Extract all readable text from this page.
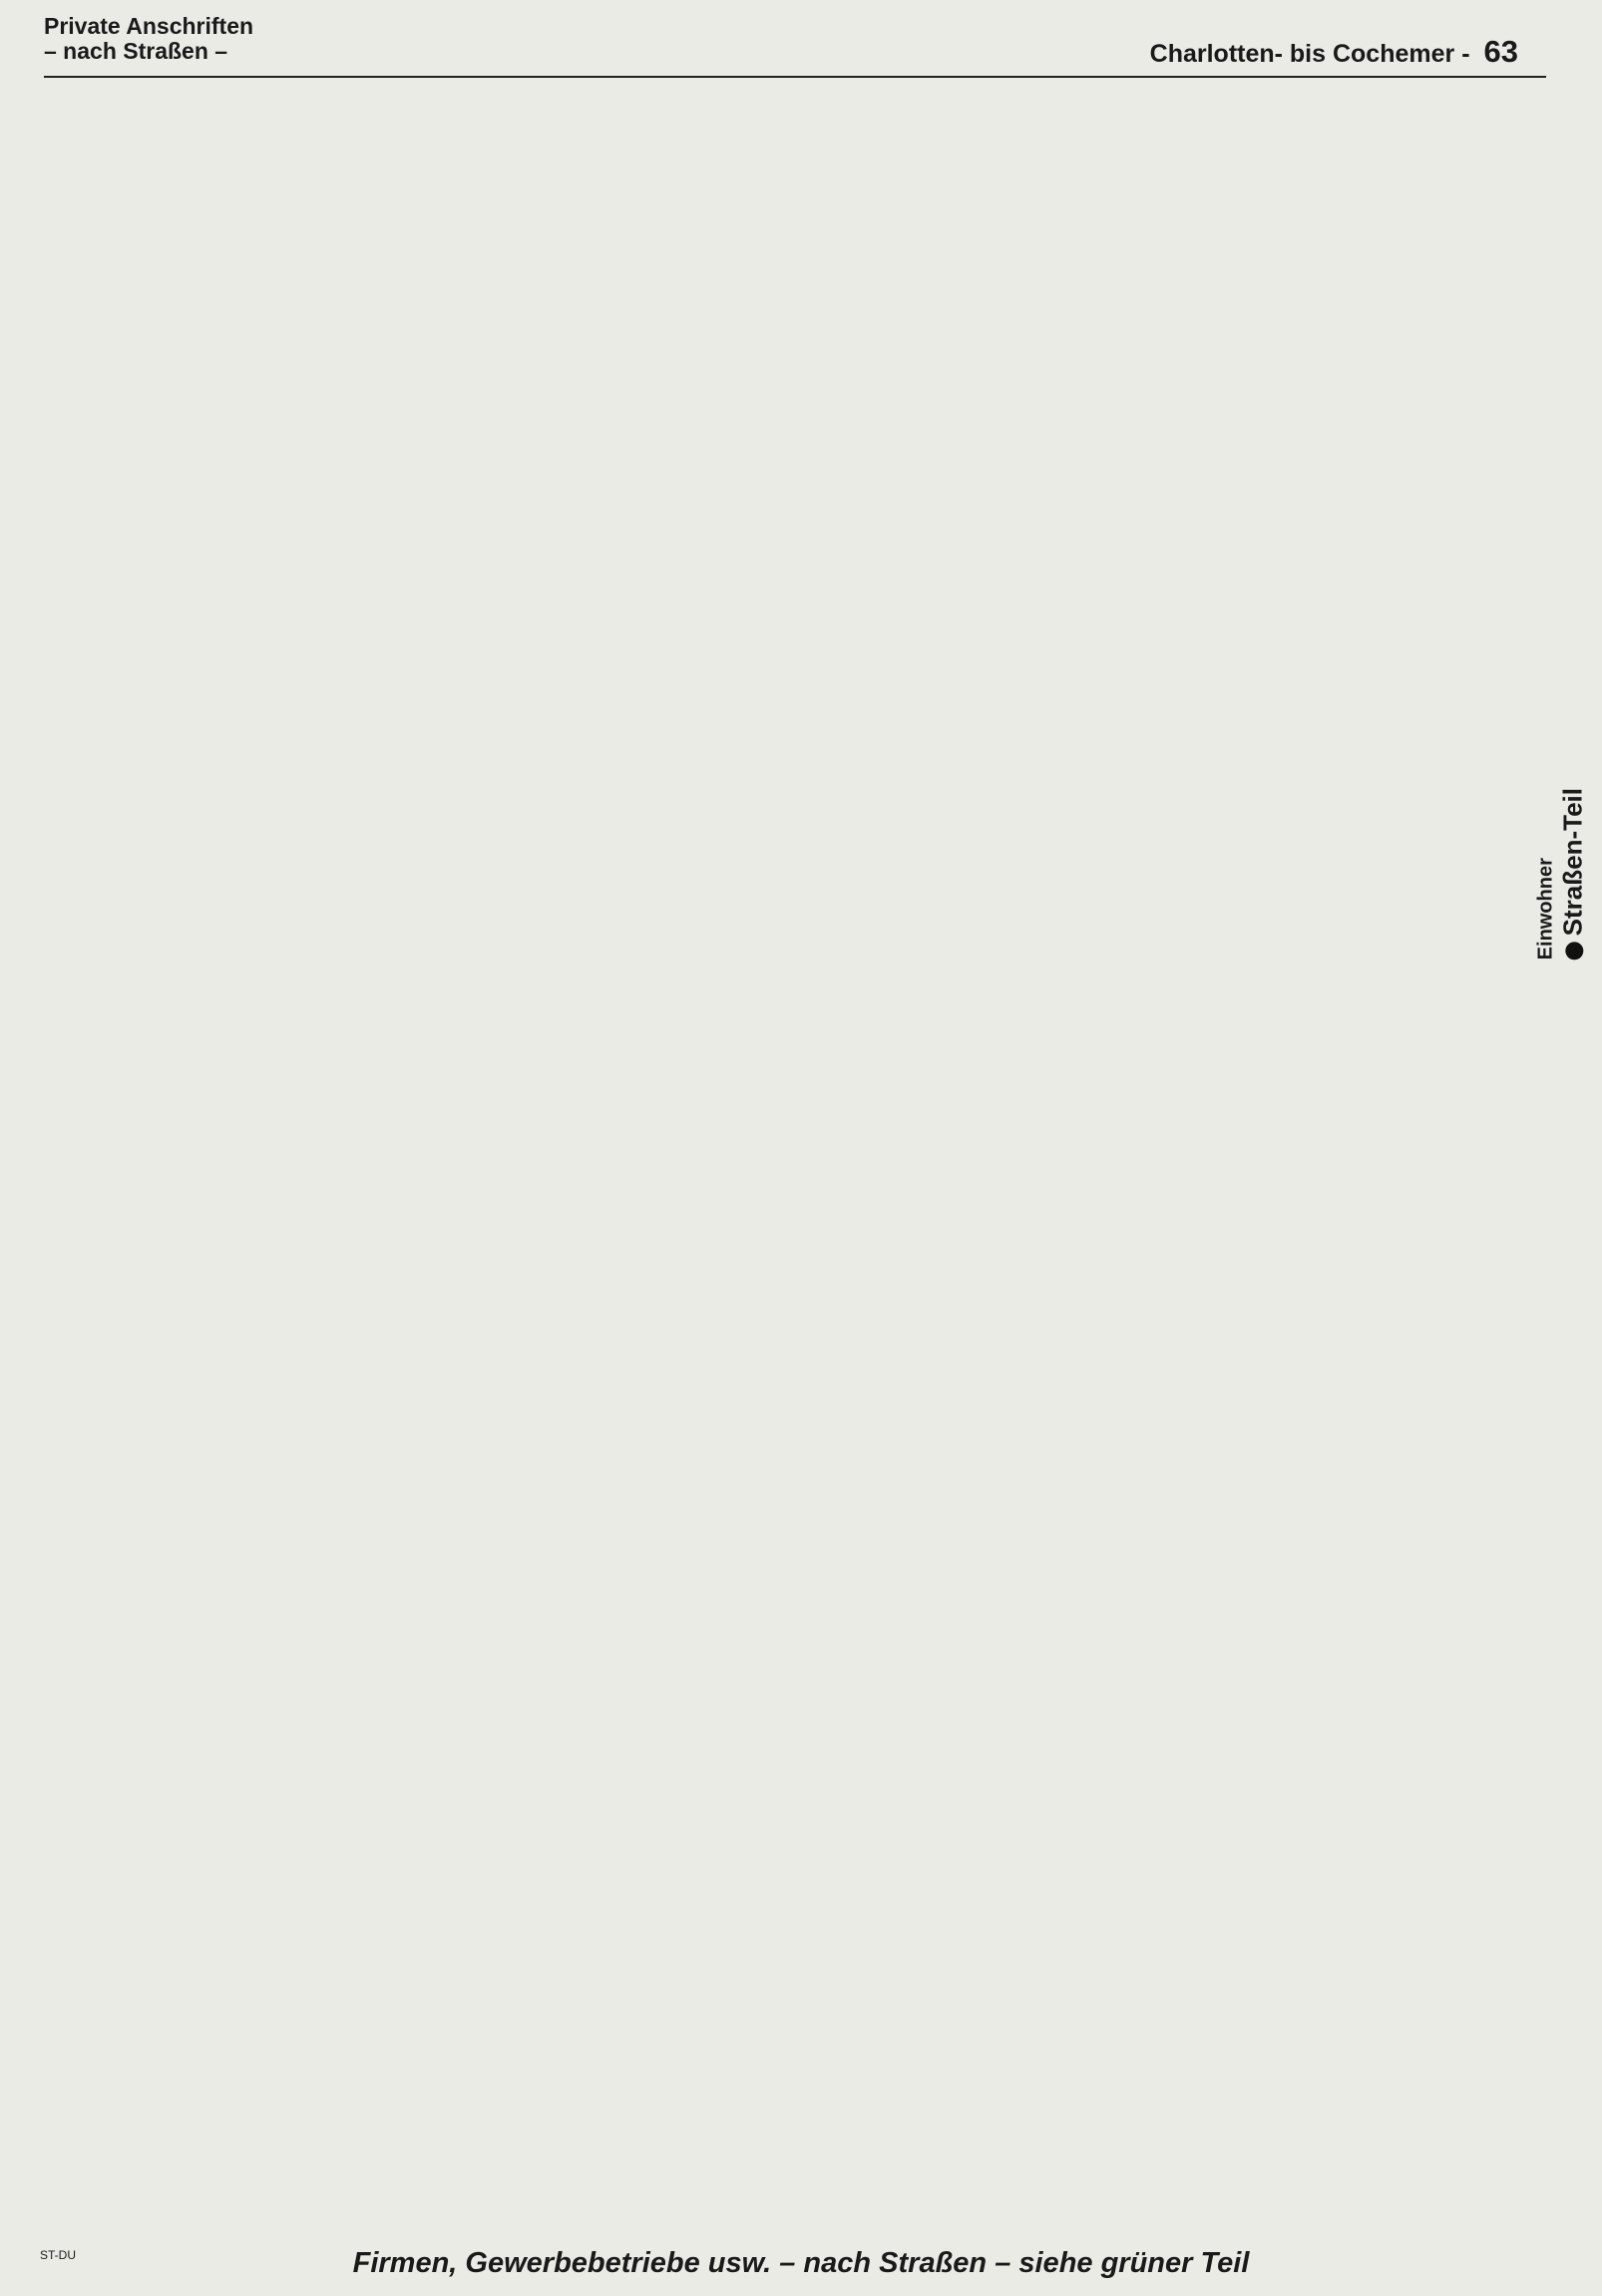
Private Anschriften
– nach Straßen –	Charlotten- bis Cochemer - 63
Einwohner Straßen-Teil
ST-DU	Firmen, Gewerbebetriebe usw. – nach Straßen – siehe grüner Teil
